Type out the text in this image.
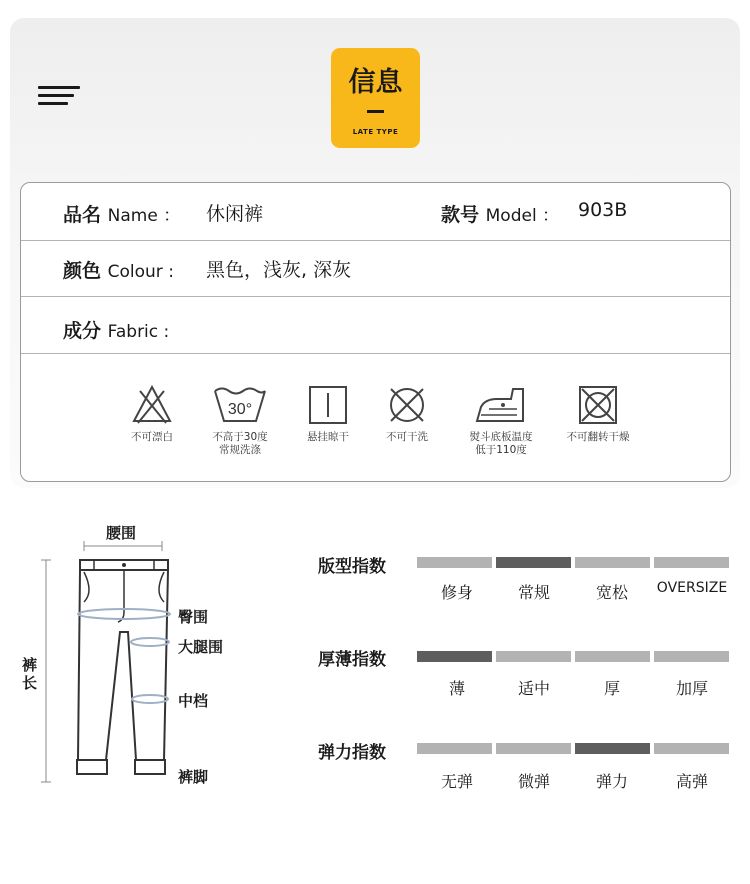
信息
LATE TYPE
品名 Name ： 休闲裤	款号 Model ： 903B
颜色 Colour : 黑色，浅灰, 深灰
成分 Fabric :
不可漂白
30°
不高于30度
常规洗涤
悬挂晾干	不可干洗	熨斗底板温度
低于110度
不可翻转干燥
腰围
臀围
大腿围
中档
裤脚
裤长
版型指数
修身	常规	宽松	OVERSIZE
厚薄指数
薄	适中	厚	加厚
弹力指数
无弹	微弹	弹力	高弹
